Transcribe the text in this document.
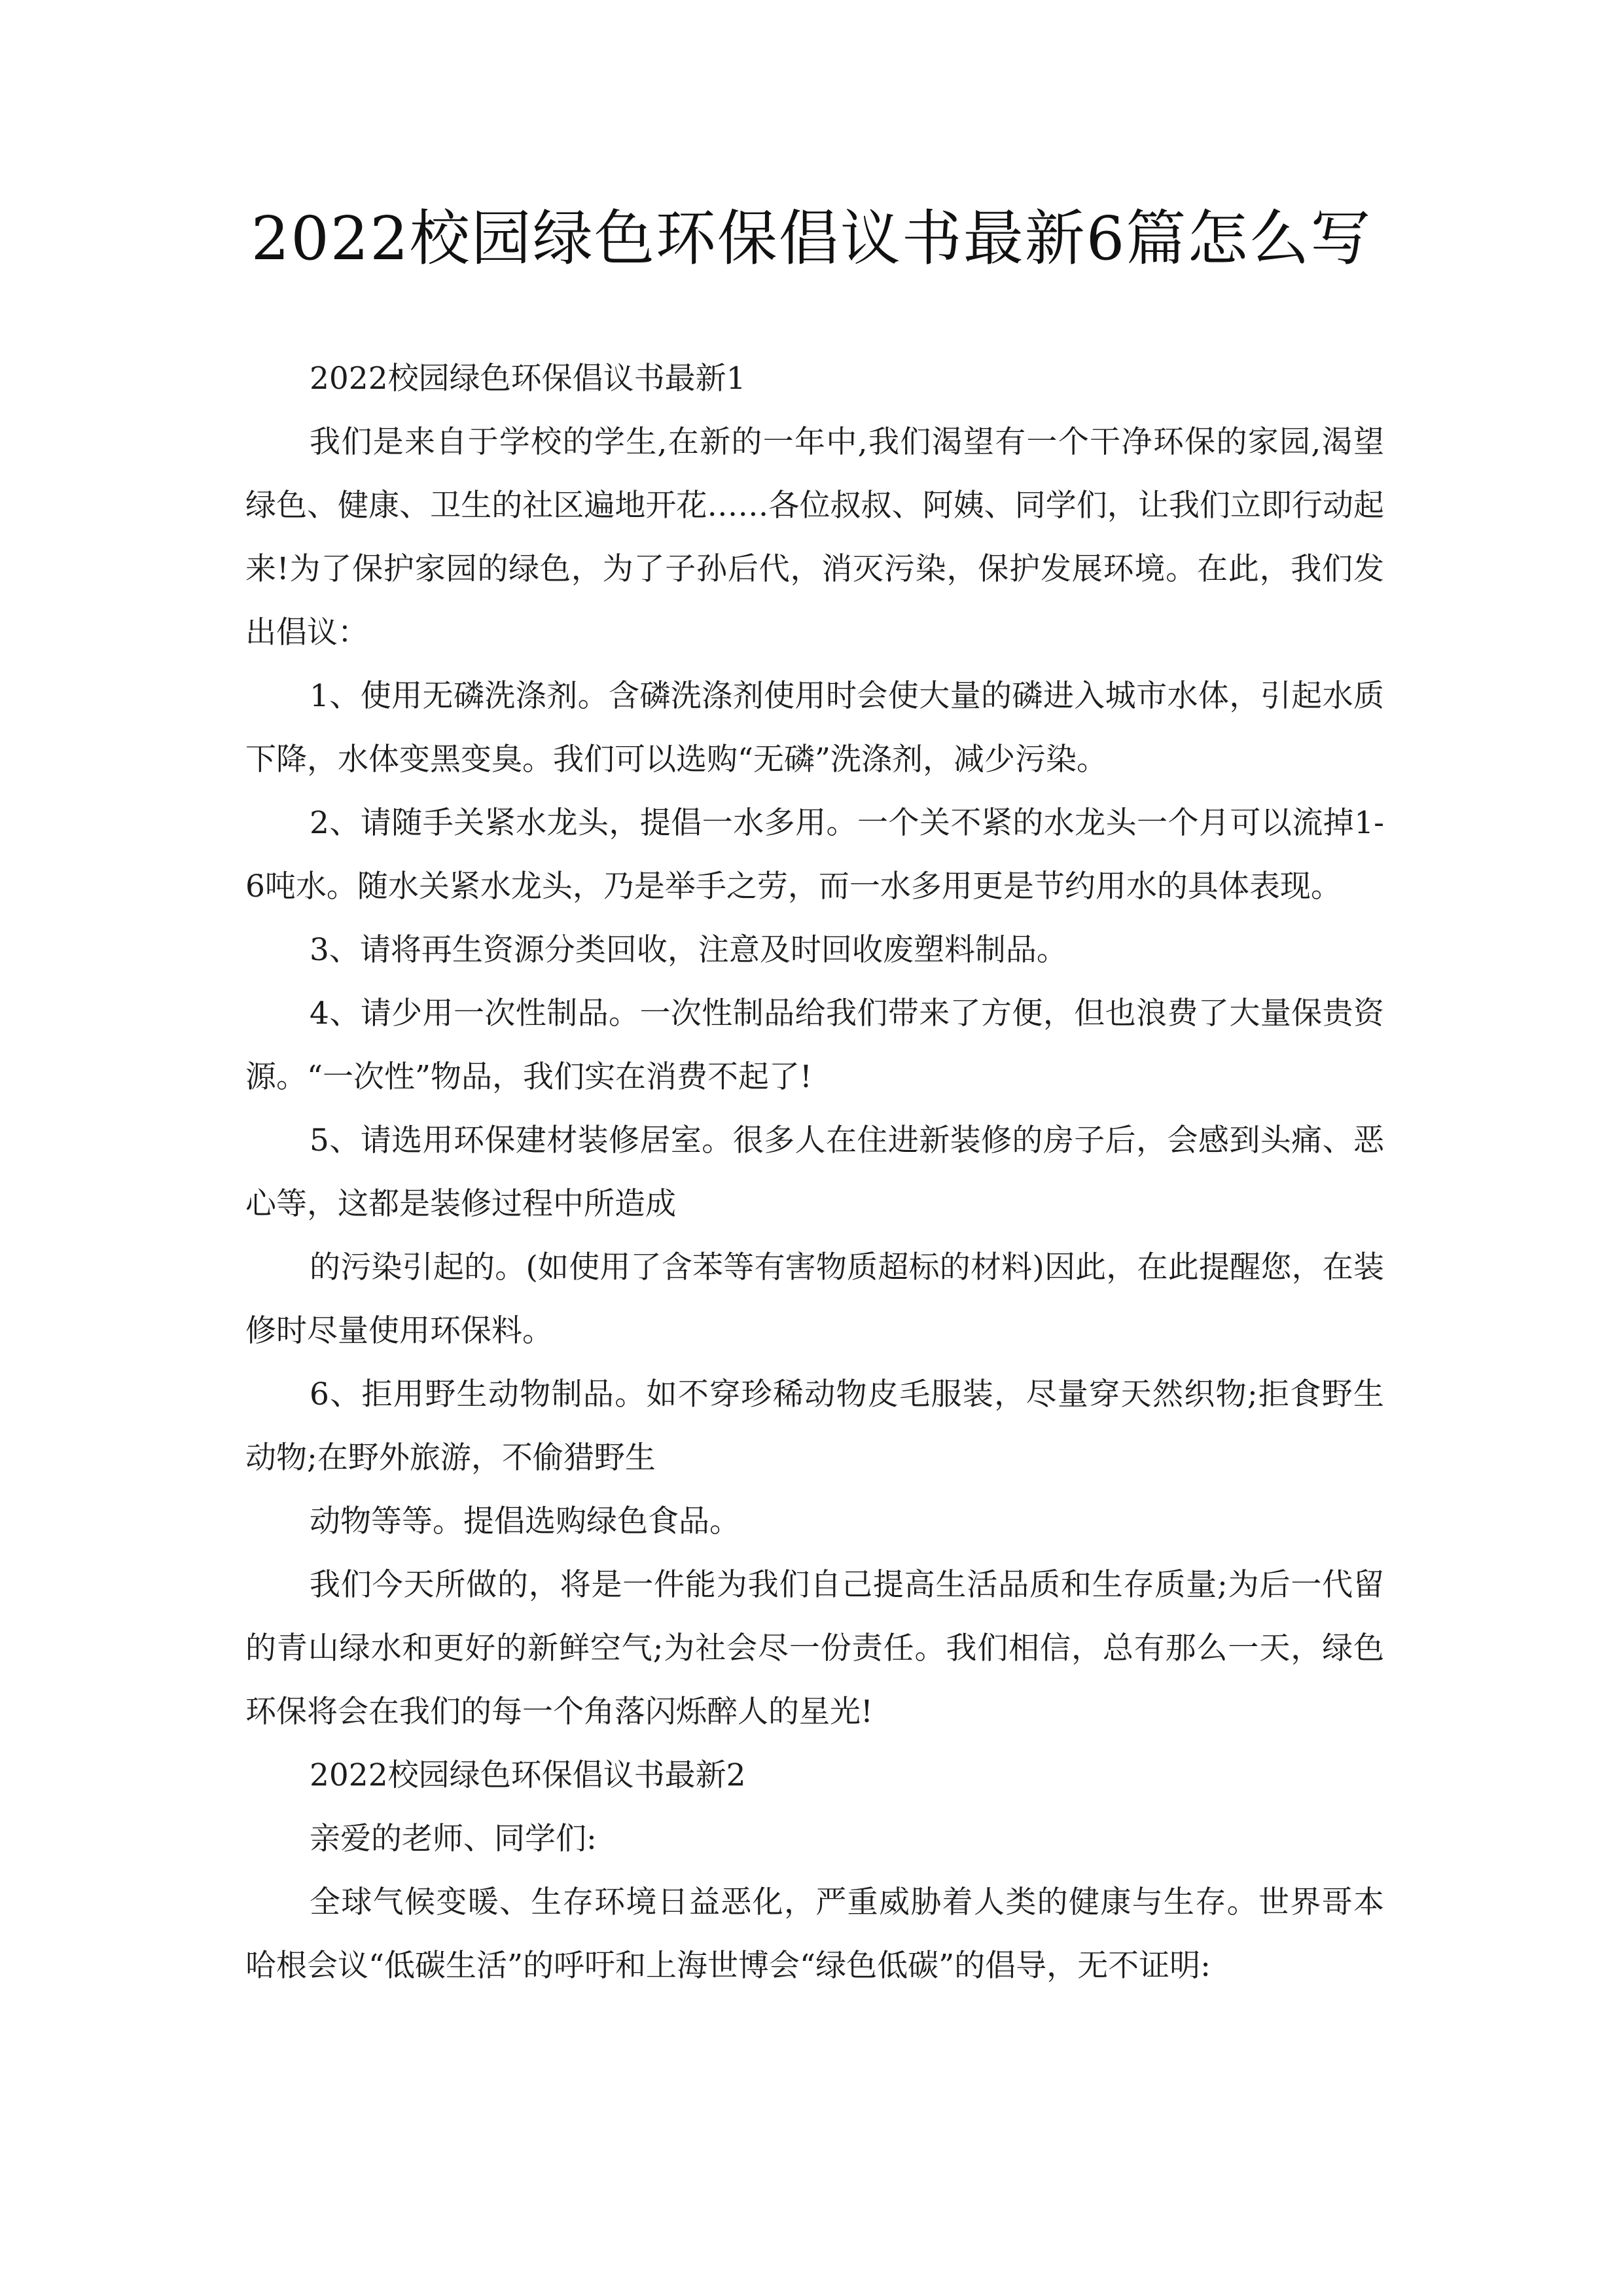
2022校园绿色环保倡议书最新6篇怎么写

2022校园绿色环保倡议书最新1

我们是来自于学校的学生,在新的一年中,我们渴望有一个干净环保的家园,渴望绿色、健康、卫生的社区遍地开花……各位叔叔、阿姨、同学们，让我们立即行动起来!为了保护家园的绿色，为了子孙后代，消灭污染，保护发展环境。在此，我们发出倡议：

1、使用无磷洗涤剂。含磷洗涤剂使用时会使大量的磷进入城市水体，引起水质下降，水体变黑变臭。我们可以选购“无磷”洗涤剂，减少污染。

2、请随手关紧水龙头，提倡一水多用。一个关不紧的水龙头一个月可以流掉1-6吨水。随水关紧水龙头，乃是举手之劳，而一水多用更是节约用水的具体表现。

3、请将再生资源分类回收，注意及时回收废塑料制品。

4、请少用一次性制品。一次性制品给我们带来了方便，但也浪费了大量保贵资源。“一次性”物品，我们实在消费不起了!

5、请选用环保建材装修居室。很多人在住进新装修的房子后，会感到头痛、恶心等，这都是装修过程中所造成

的污染引起的。(如使用了含苯等有害物质超标的材料)因此，在此提醒您，在装修时尽量使用环保料。

6、拒用野生动物制品。如不穿珍稀动物皮毛服装，尽量穿天然织物;拒食野生动物;在野外旅游，不偷猎野生

动物等等。提倡选购绿色食品。

我们今天所做的，将是一件能为我们自己提高生活品质和生存质量;为后一代留的青山绿水和更好的新鲜空气;为社会尽一份责任。我们相信，总有那么一天，绿色环保将会在我们的每一个角落闪烁醉人的星光!

2022校园绿色环保倡议书最新2

亲爱的老师、同学们:

全球气候变暖、生存环境日益恶化，严重威胁着人类的健康与生存。世界哥本哈根会议“低碳生活”的呼吁和上海世博会“绿色低碳”的倡导，无不证明:
